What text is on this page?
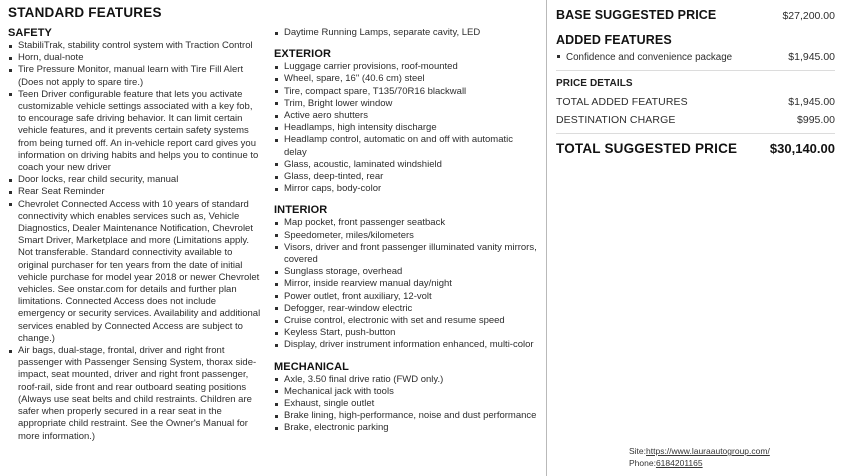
STANDARD FEATURES
SAFETY
StabiliTrak, stability control system with Traction Control
Horn, dual-note
Tire Pressure Monitor, manual learn with Tire Fill Alert (Does not apply to spare tire.)
Teen Driver configurable feature that lets you activate customizable vehicle settings associated with a key fob, to encourage safe driving behavior. It can limit certain vehicle features, and it prevents certain safety systems from being turned off. An in-vehicle report card gives you information on driving habits and helps you to continue to coach your new driver
Door locks, rear child security, manual
Rear Seat Reminder
Chevrolet Connected Access with 10 years of standard connectivity which enables services such as, Vehicle Diagnostics, Dealer Maintenance Notification, Chevrolet Smart Driver, Marketplace and more (Limitations apply. Not transferable. Standard connectivity available to original purchaser for ten years from the date of initial vehicle purchase for model year 2018 or newer Chevrolet vehicles. See onstar.com for details and further plan limitations. Connected Access does not include emergency or security services. Availability and additional services enabled by Connected Access are subject to change.)
Air bags, dual-stage, frontal, driver and right front passenger with Passenger Sensing System, thorax side-impact, seat mounted, driver and right front passenger, roof-rail, side front and rear outboard seating positions (Always use seat belts and child restraints. Children are safer when properly secured in a rear seat in the appropriate child restraint. See the Owner's Manual for more information.)
Daytime Running Lamps, separate cavity, LED
EXTERIOR
Luggage carrier provisions, roof-mounted
Wheel, spare, 16" (40.6 cm) steel
Tire, compact spare, T135/70R16 blackwall
Trim, Bright lower window
Active aero shutters
Headlamps, high intensity discharge
Headlamp control, automatic on and off with automatic delay
Glass, acoustic, laminated windshield
Glass, deep-tinted, rear
Mirror caps, body-color
INTERIOR
Map pocket, front passenger seatback
Speedometer, miles/kilometers
Visors, driver and front passenger illuminated vanity mirrors, covered
Sunglass storage, overhead
Mirror, inside rearview manual day/night
Power outlet, front auxiliary, 12-volt
Defogger, rear-window electric
Cruise control, electronic with set and resume speed
Keyless Start, push-button
Display, driver instrument information enhanced, multi-color
MECHANICAL
Axle, 3.50 final drive ratio (FWD only.)
Mechanical jack with tools
Exhaust, single outlet
Brake lining, high-performance, noise and dust performance
Brake, electronic parking
BASE SUGGESTED PRICE	$27,200.00
ADDED FEATURES
Confidence and convenience package	$1,945.00
PRICE DETAILS
TOTAL ADDED FEATURES	$1,945.00
DESTINATION CHARGE	$995.00
TOTAL SUGGESTED PRICE	$30,140.00
Site:https://www.lauraautogroup.com/
Phone:6184201165
